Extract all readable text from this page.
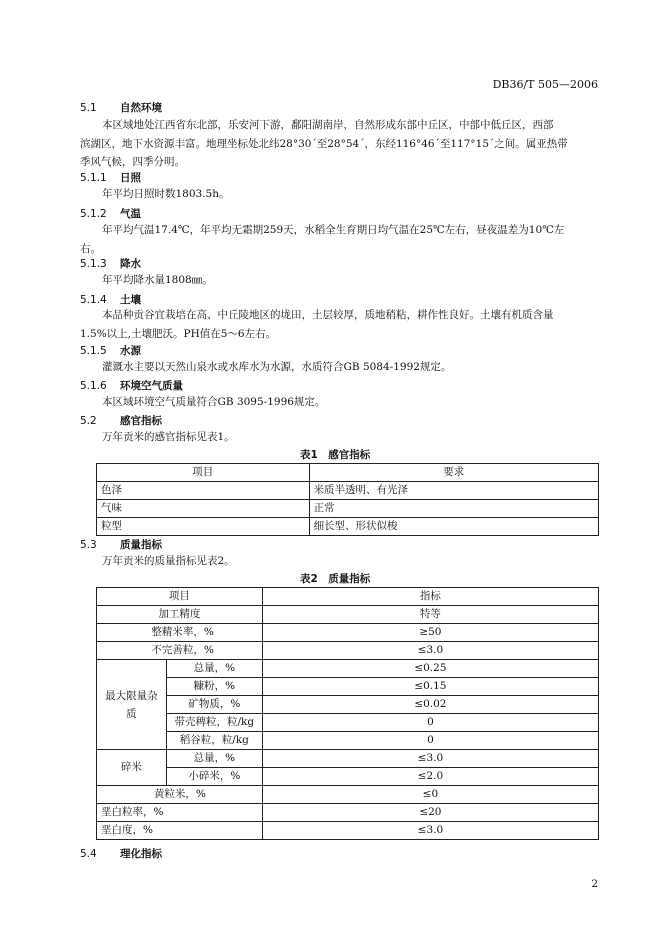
DB36/T 505—2006
5.1 自然环境
本区域地处江西省东北部，乐安河下游，鄱阳湖南岸，自然形成东部中丘区，中部中低丘区，西部
滨湖区，地下水资源丰富。地理坐标处北纬28°30´至28°54´，东经116°46´至117°15´之间。属亚热带
季风气候，四季分明。
5.1.1 日照
年平均日照时数1803.5h。
5.1.2 气温
年平均气温17.4℃，年平均无霜期259天，水稻全生育期日均气温在25℃左右，昼夜温差为10℃左
右。
5.1.3 降水
年平均降水量1808㎜。
5.1.4 土壤
本品种贡谷宜栽培在高、中丘陵地区的垅田，土层较厚，质地稍粘，耕作性良好。土壤有机质含量
1.5%以上,土壤肥沃。PH值在5～6左右。
5.1.5 水源
灌溉水主要以天然山泉水或水库水为水源，水质符合GB 5084-1992规定。
5.1.6 环境空气质量
本区域环境空气质量符合GB 3095-1996规定。
5.2 感官指标
万年贡米的感官指标见表1。
表1　感官指标
项目	要求
色泽	米质半透明、有光泽
气味	正常
粒型	细长型、形状似梭
5.3 质量指标
万年贡米的质量指标见表2。
表2　质量指标
项目		指标
加工精度		特等
整精米率，%		≥50
不完善粒，%		≤3.0
最大限量杂质	总量，%	≤0.25
	糠粉，%	≤0.15
	矿物质，%	≤0.02
	带壳稗粒，粒/kg	0
	稻谷粒，粒/kg	0
碎米	总量，%	≤3.0
	小碎米，%	≤2.0
黄粒米，%		≤0
垩白粒率，%		≤20
垩白度，%		≤3.0
5.4 理化指标
2
